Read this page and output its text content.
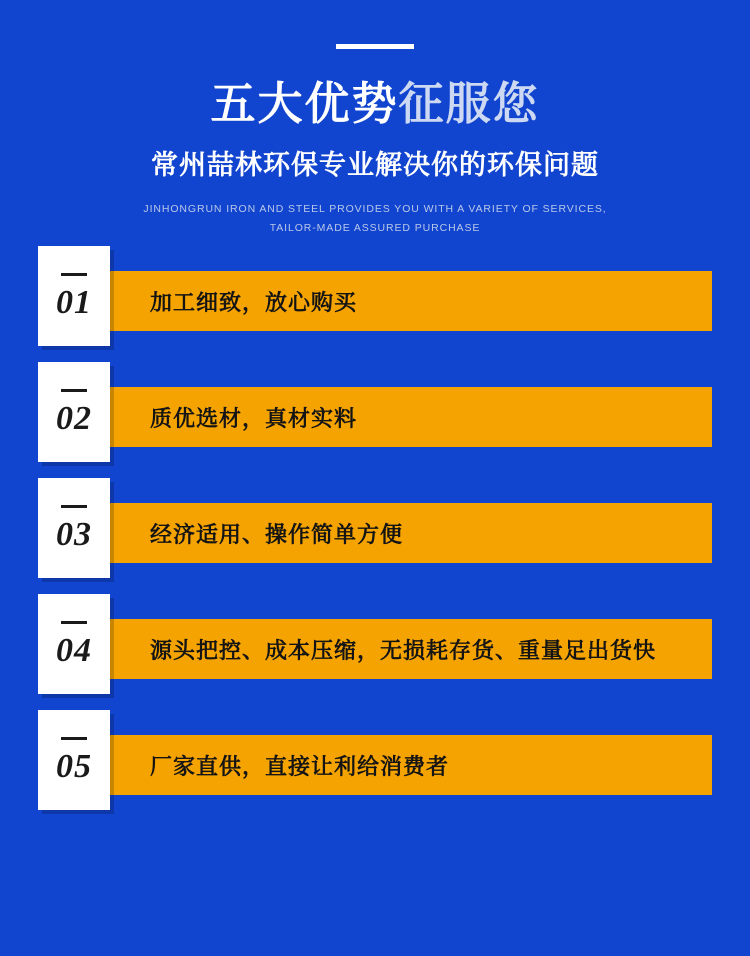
五大优势征服您

常州喆林环保专业解决你的环保问题

JINHONGRUN IRON AND STEEL PROVIDES YOU WITH A VARIETY OF SERVICES,
TAILOR-MADE ASSURED PURCHASE

加工细致，放心购买
01
质优选材，真材实料
02
经济适用、操作简单方便
03
源头把控、成本压缩，无损耗存货、重量足出货快
04
厂家直供，直接让利给消费者
05
